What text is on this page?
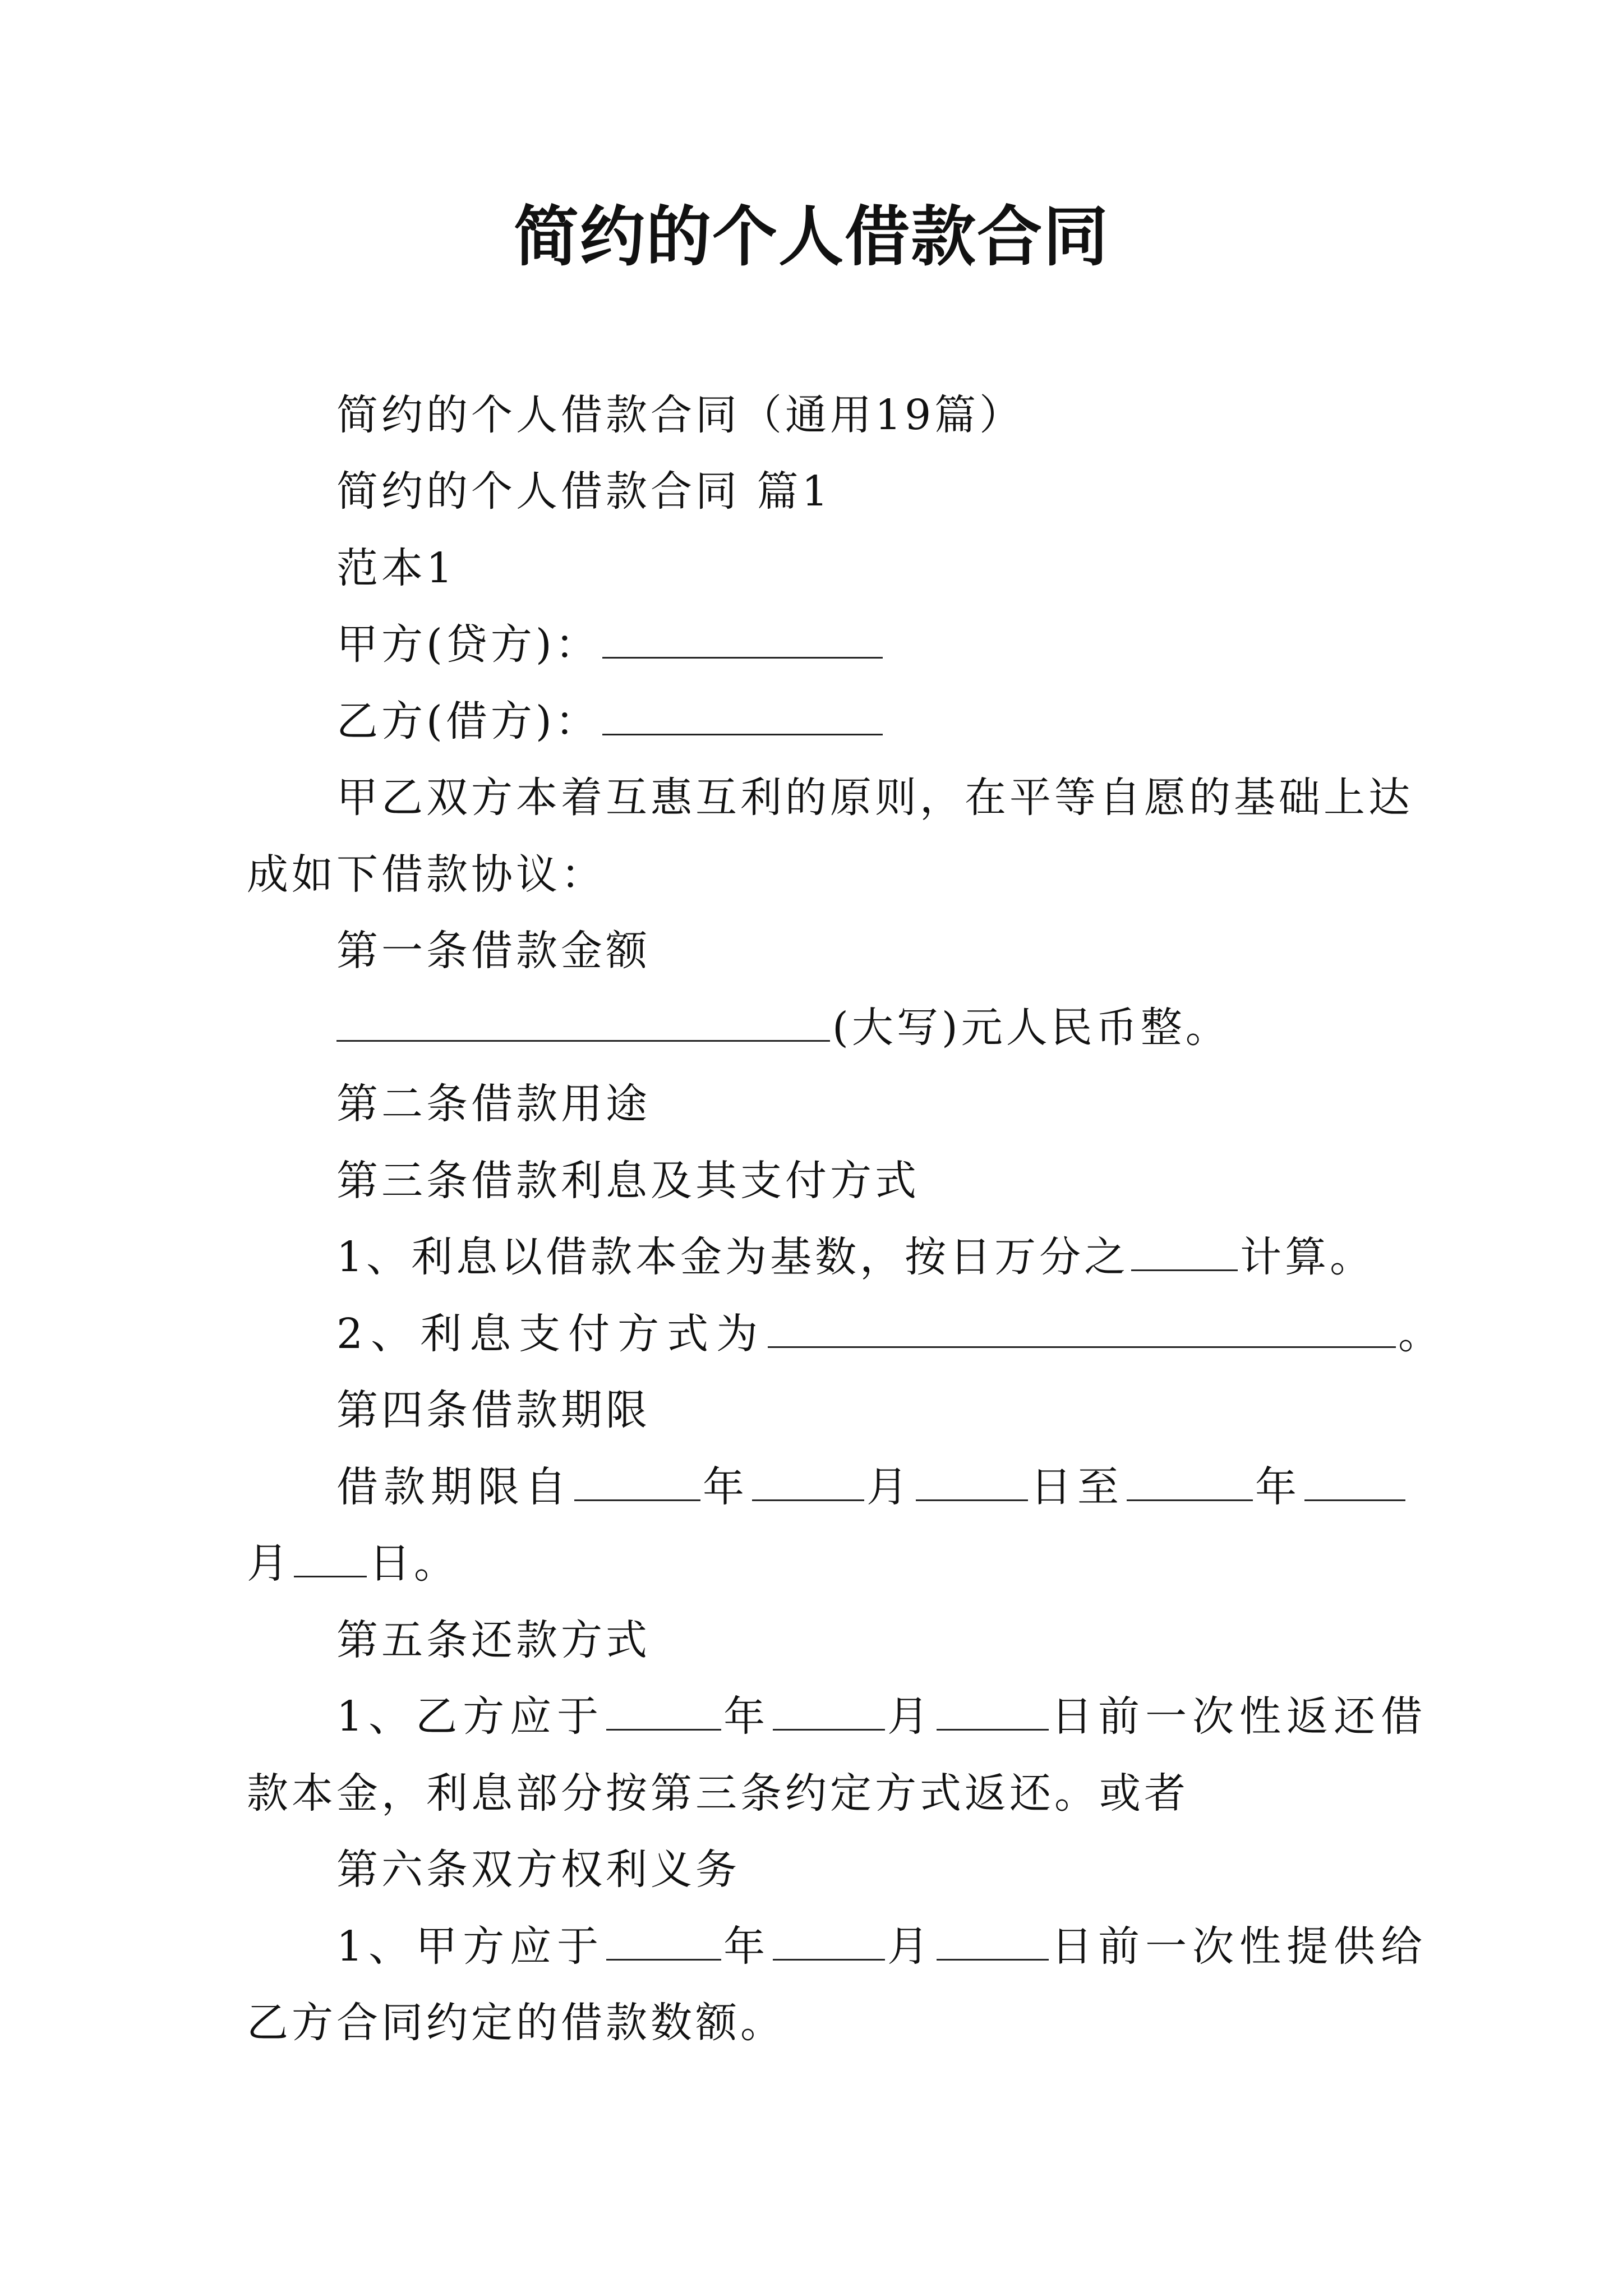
简约的个人借款合同
简约的个人借款合同（通用19篇）
简约的个人借款合同 篇1
范本1
甲方(贷方)：
乙方(借方)：
甲乙双方本着互惠互利的原则，在平等自愿的基础上达
成如下借款协议：
第一条借款金额
(大写)元人民币整。
第二条借款用途
第三条借款利息及其支付方式
1、利息以借款本金为基数，按日万分之	计算。
2、利息支付方式为	。
第四条借款期限
借款期限自	年	月	日至	年
月 日。
第五条还款方式
1、乙方应于	年	月	日前一次性返还借
款本金，利息部分按第三条约定方式返还。或者
第六条双方权利义务
1、甲方应于	年	月	日前一次性提供给
乙方合同约定的借款数额。
